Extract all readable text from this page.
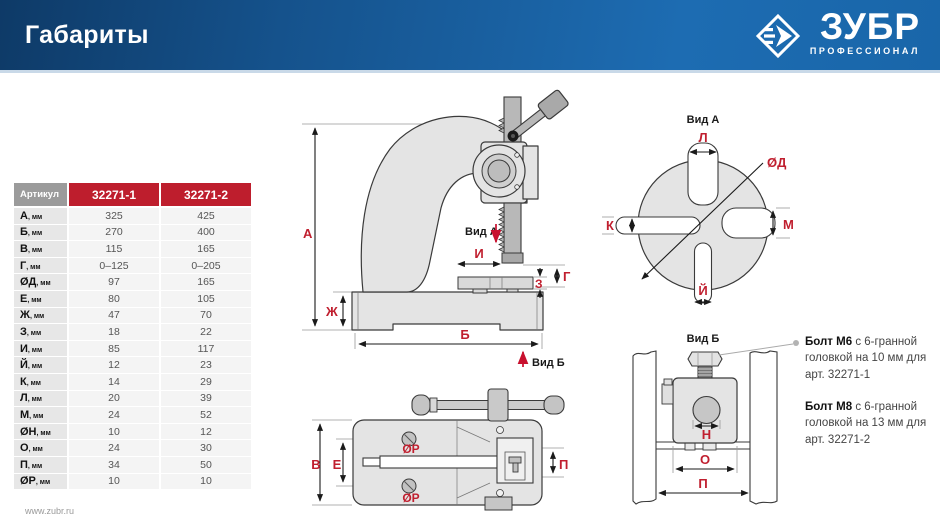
Габариты	ЗУБР
ПРОФЕССИОНАЛ
Артикул	32271-1	32271-2
А , мм	325	425
Б , мм	270	400
В , мм	115	165
Г , мм	0–125	0–205
ØД , мм	97	165
Е , мм	80	105
Ж , мм	47	70
З , мм	18	22
И , мм	85	117
Й , мм	12	23
К , мм	14	29
Л , мм	20	39
М , мм	24	52
ØН , мм	10	12
О , мм	24	30
П , мм	34	50
ØР , мм	10	10
А
Ж
Б
И
Г
З
Вид А
Вид Б
Вид А
ØД
Л
К	М
Й
В Е
ØР
ØР
П
Вид Б
Н
О
П

Болт М6 с 6-гранной головкой на 10 мм для арт. 32271-1

Болт М8 с 6-гранной головкой на 13 мм для арт. 32271-2

www.zubr.ru
